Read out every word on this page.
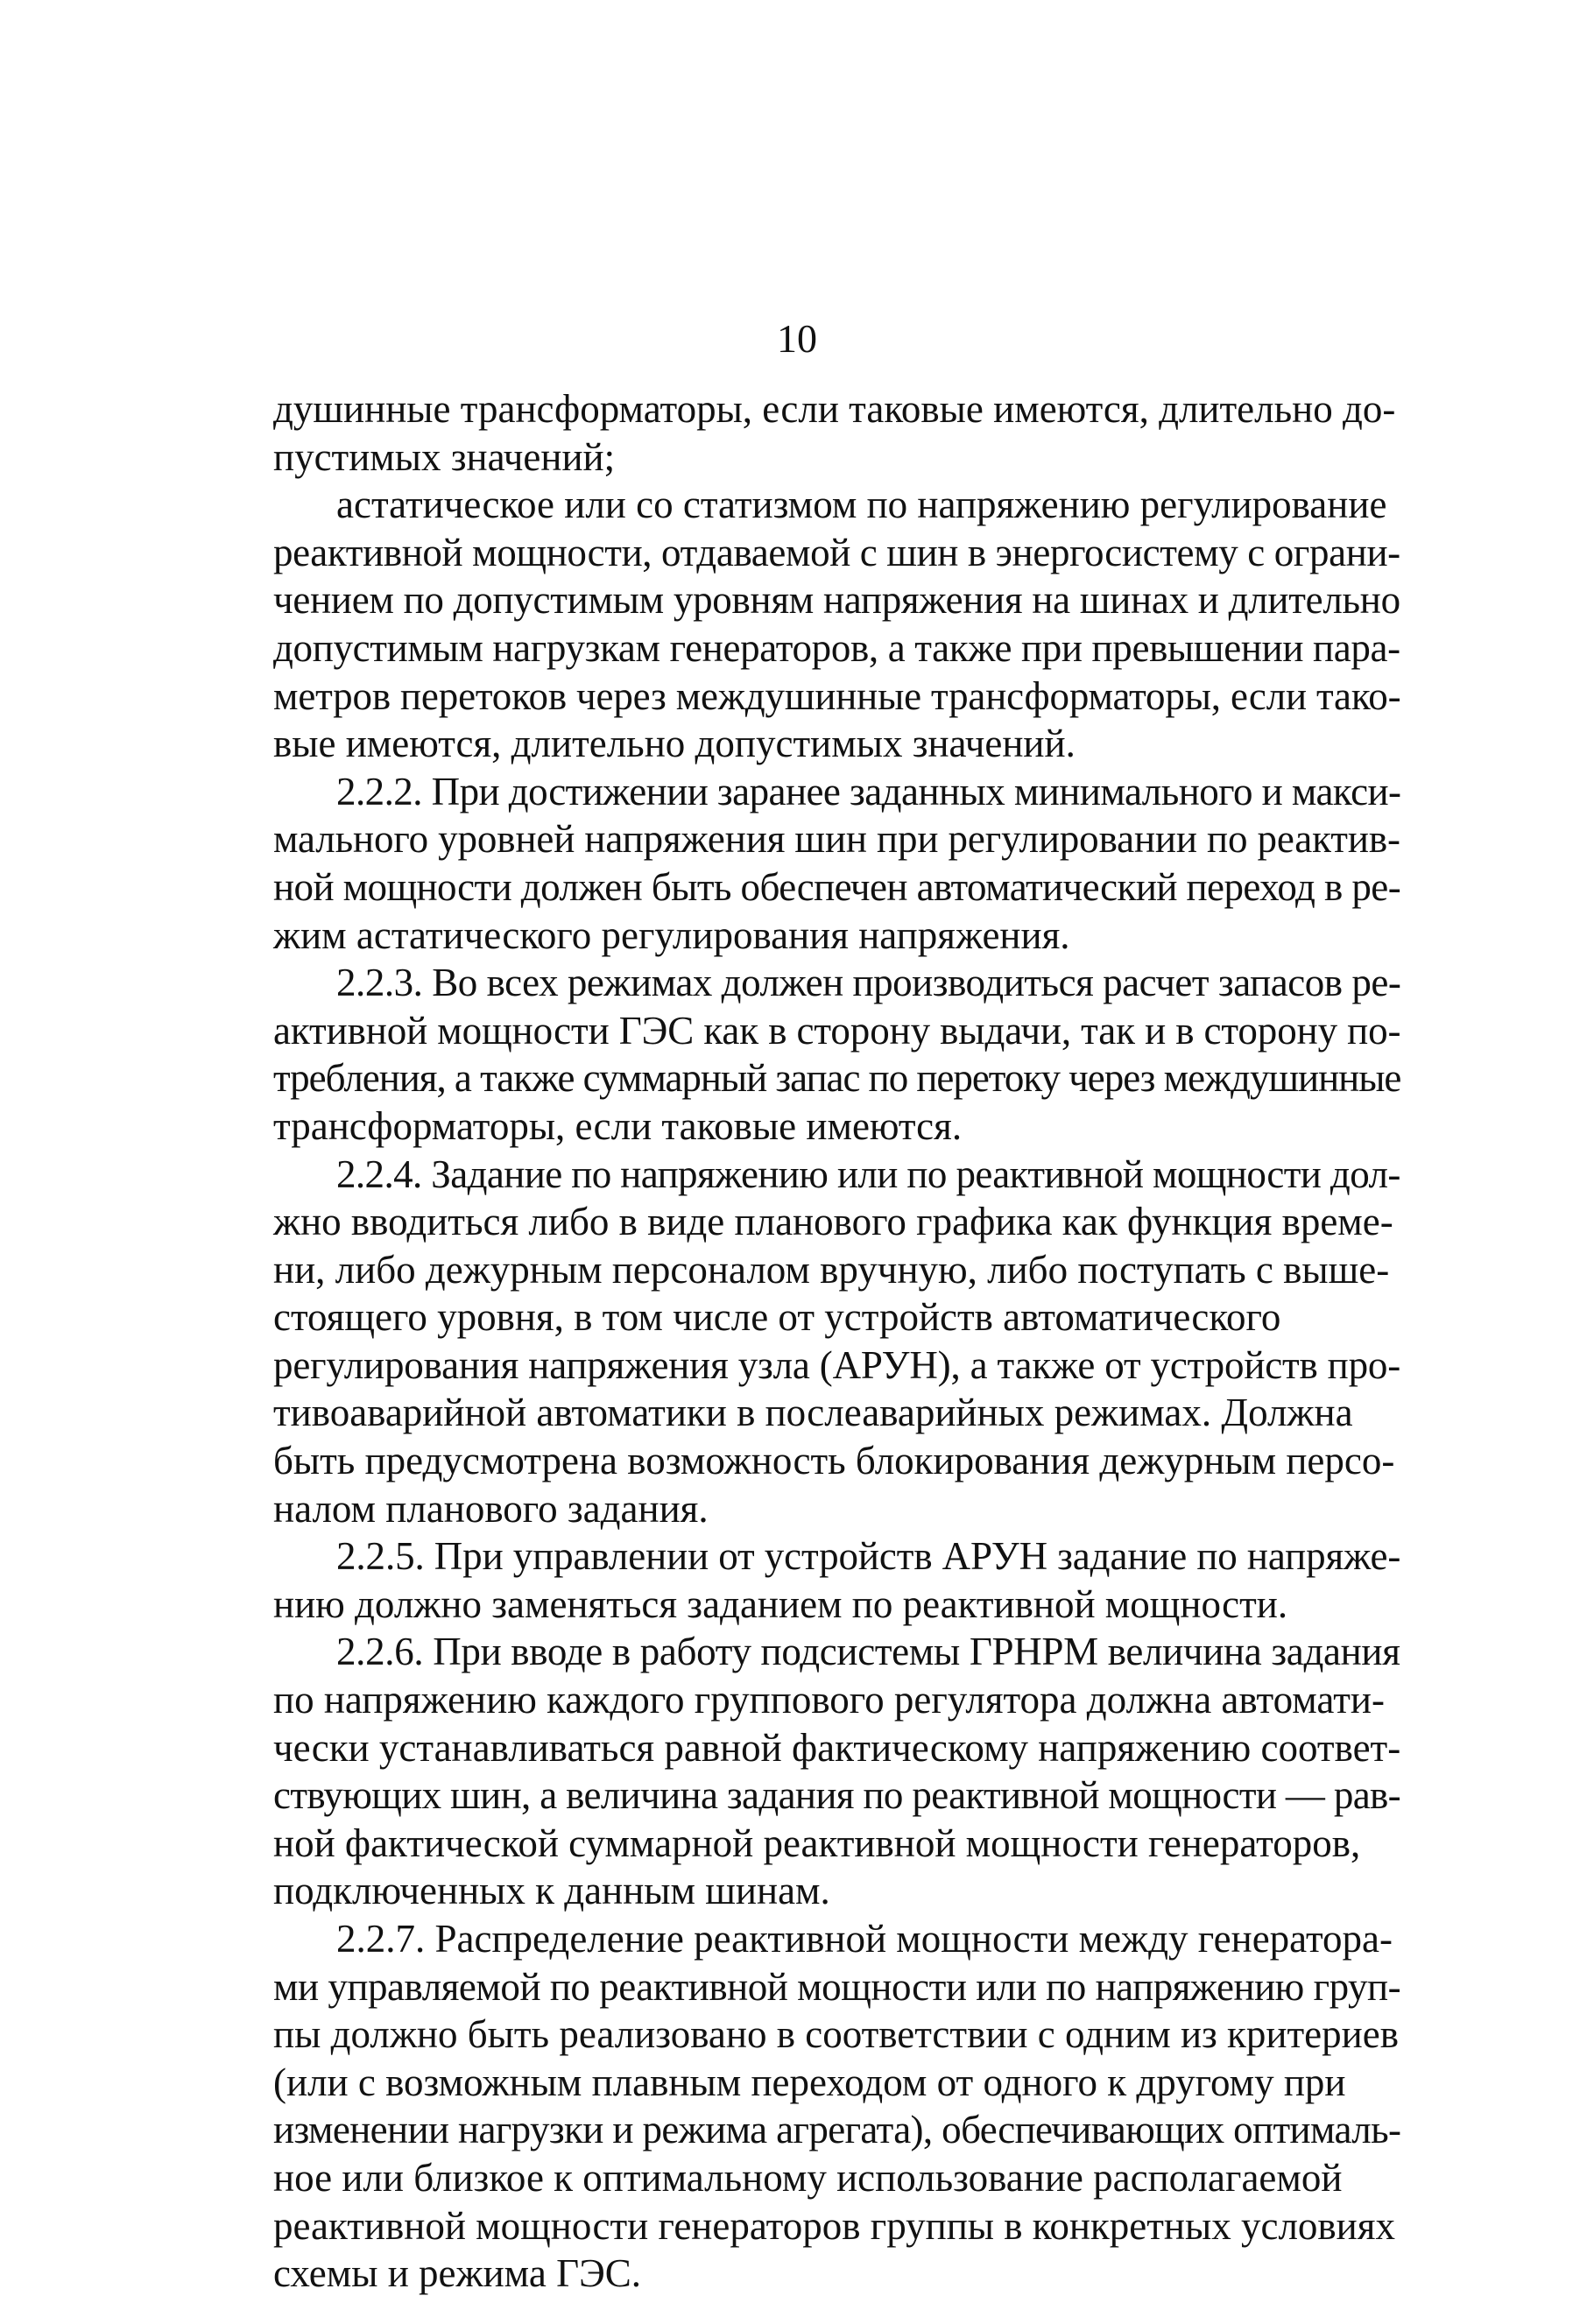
10
душинные трансформаторы, если таковые имеются, длительно до-
пустимых значений;
астатическое или со статизмом по напряжению регулирование
реактивной мощности, отдаваемой с шин в энергосистему с ограни-
чением по допустимым уровням напряжения на шинах и длительно
допустимым нагрузкам генераторов, а также при превышении пара-
метров перетоков через междушинные трансформаторы, если тако-
вые имеются, длительно допустимых значений.
2.2.2. При достижении заранее заданных минимального и макси-
мального уровней напряжения шин при регулировании по реактив-
ной мощности должен быть обеспечен автоматический переход в ре-
жим астатического регулирования напряжения.
2.2.3. Во всех режимах должен производиться расчет запасов ре-
активной мощности ГЭС как в сторону выдачи, так и в сторону по-
требления, а также суммарный запас по перетоку через междушинные
трансформаторы, если таковые имеются.
2.2.4. Задание по напряжению или по реактивной мощности дол-
жно вводиться либо в виде планового графика как функция време-
ни, либо дежурным персоналом вручную, либо поступать с выше-
стоящего уровня, в том числе от устройств автоматического
регулирования напряжения узла (АРУН), а также от устройств про-
тивоаварийной автоматики в послеаварийных режимах. Должна
быть предусмотрена возможность блокирования дежурным персо-
налом планового задания.
2.2.5. При управлении от устройств АРУН задание по напряже-
нию должно заменяться заданием по реактивной мощности.
2.2.6. При вводе в работу подсистемы ГРНРМ величина задания
по напряжению каждого группового регулятора должна автомати-
чески устанавливаться равной фактическому напряжению соответ-
ствующих шин, а величина задания по реактивной мощности — рав-
ной фактической суммарной реактивной мощности генераторов,
подключенных к данным шинам.
2.2.7. Распределение реактивной мощности между генератора-
ми управляемой по реактивной мощности или по напряжению груп-
пы должно быть реализовано в соответствии с одним из критериев
(или с возможным плавным переходом от одного к другому при
изменении нагрузки и режима агрегата), обеспечивающих оптималь-
ное или близкое к оптимальному использование располагаемой
реактивной мощности генераторов группы в конкретных условиях
схемы и режима ГЭС.
